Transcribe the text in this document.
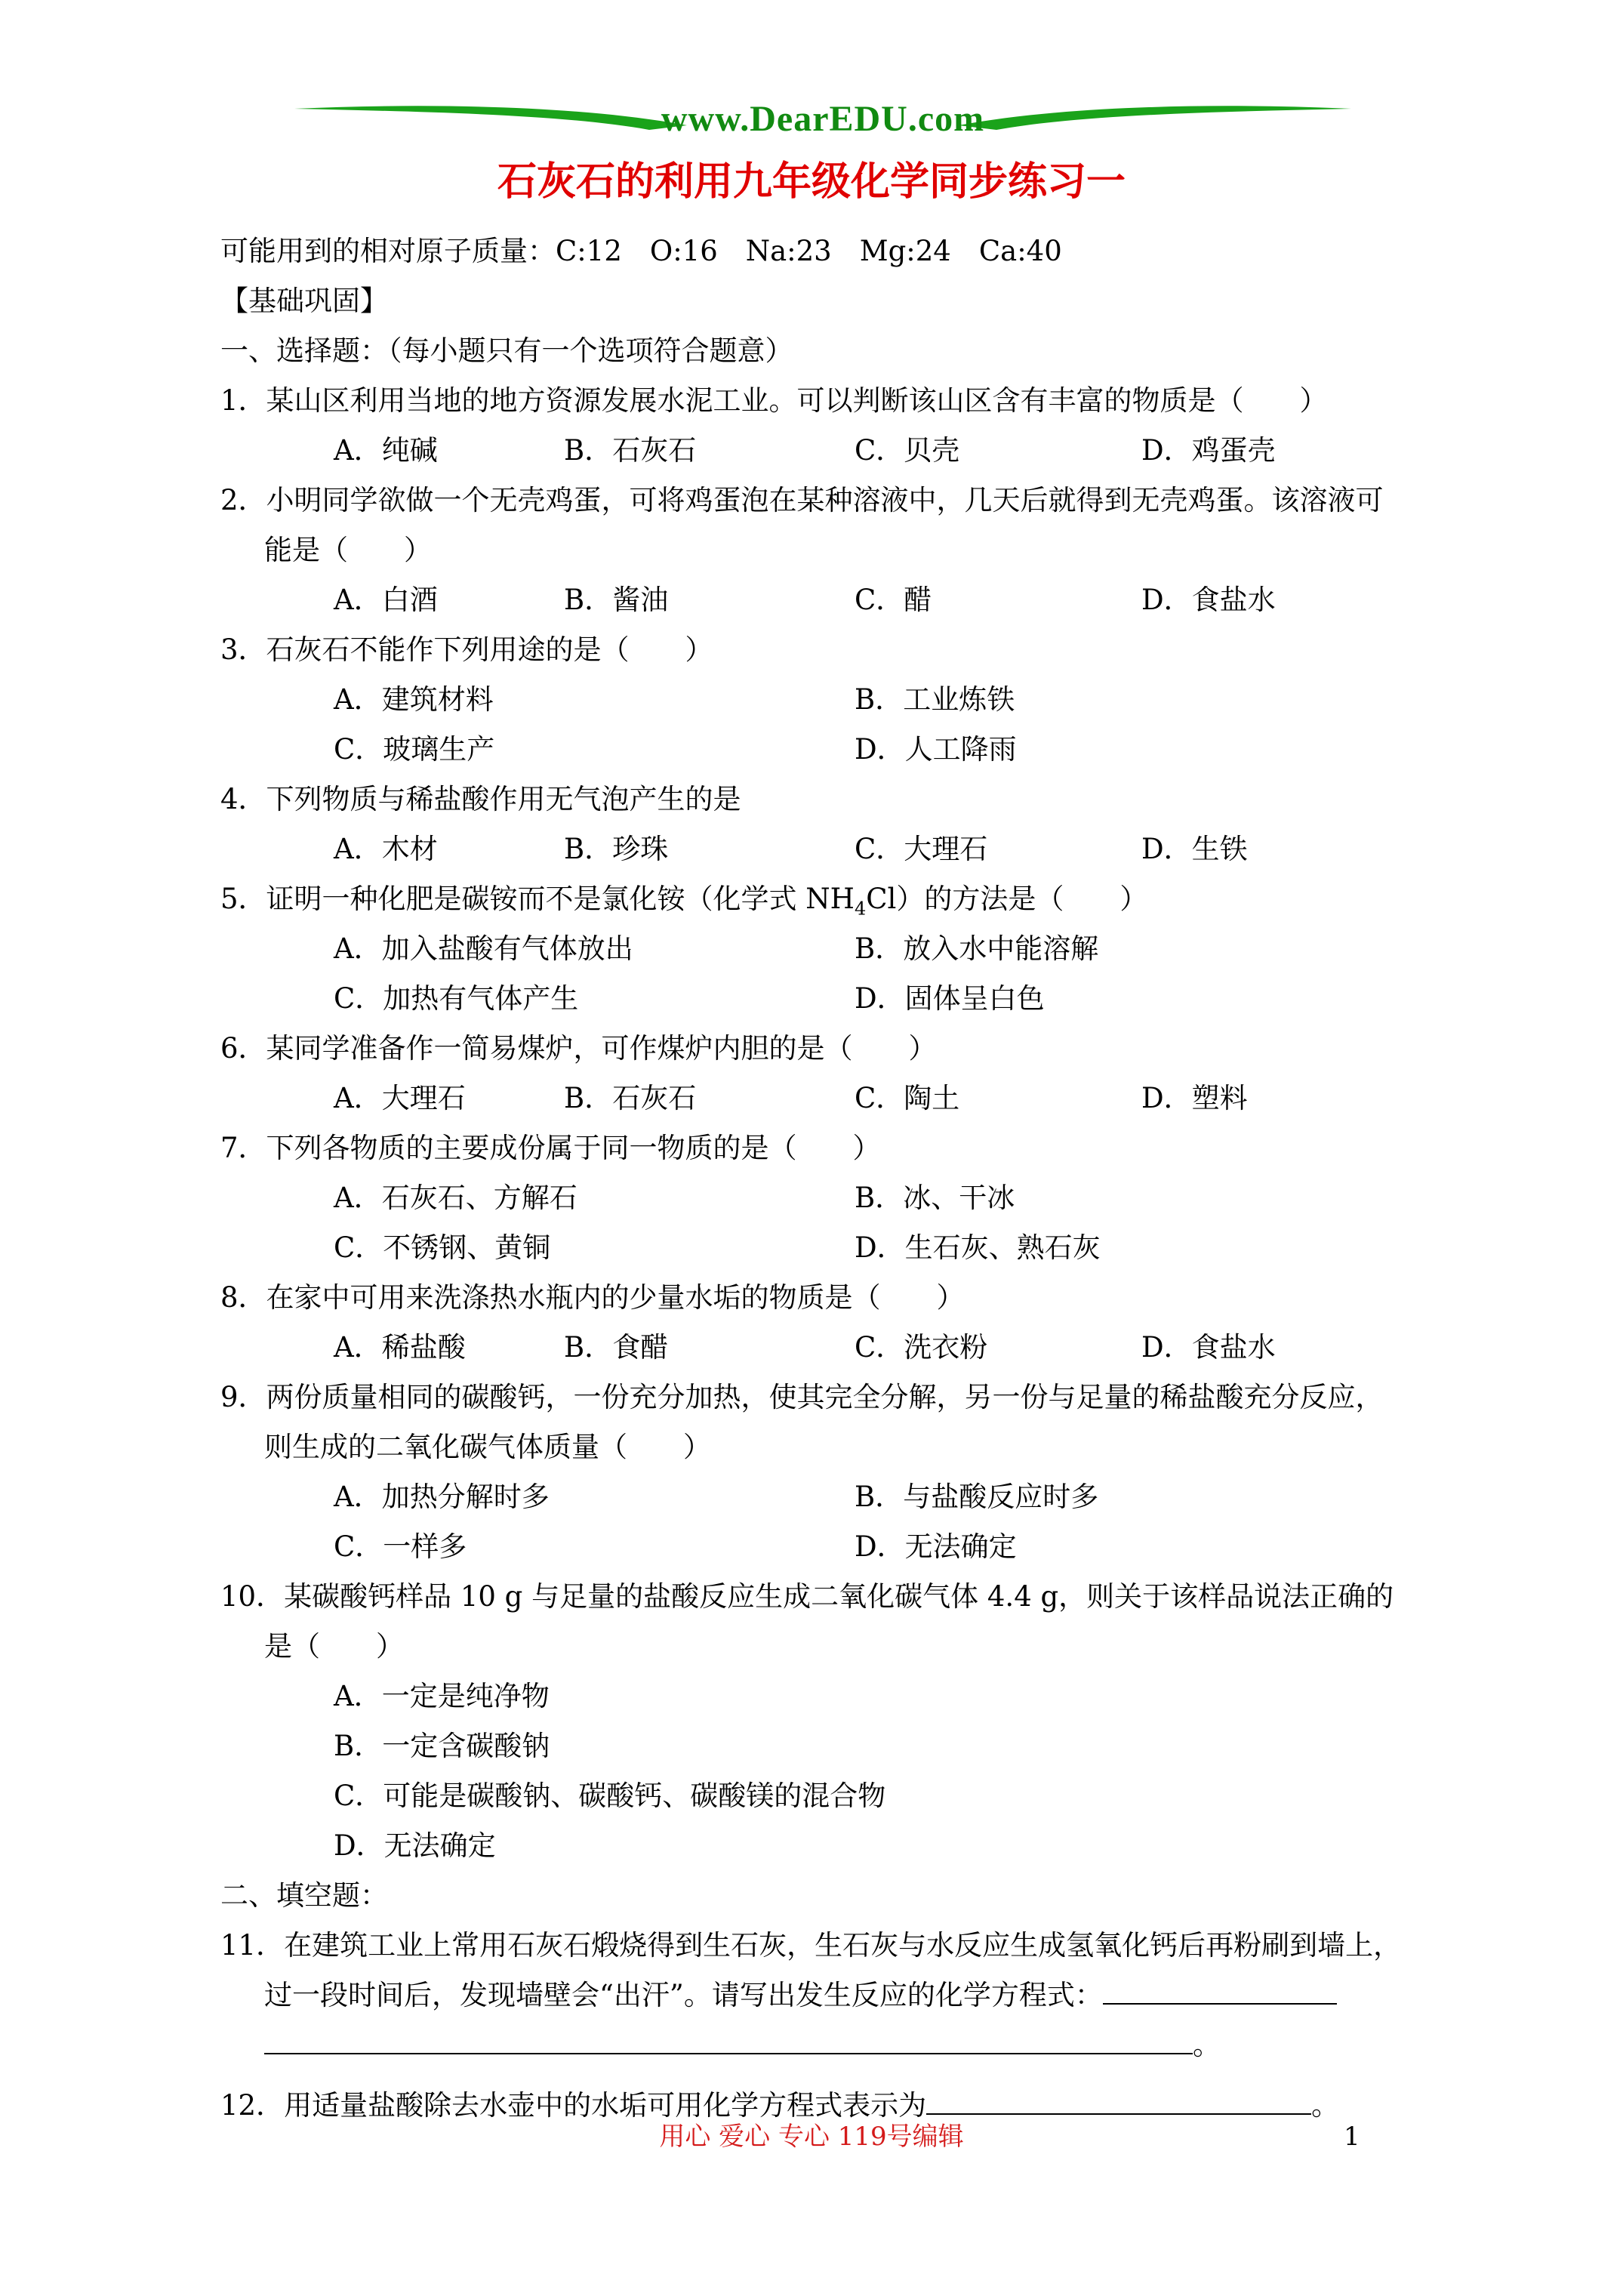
www.DearEDU.com
石灰石的利用九年级化学同步练习一
可能用到的相对原子质量：C:12　O:16　Na:23　Mg:24　Ca:40
【基础巩固】
一、选择题：（每小题只有一个选项符合题意）
1．某山区利用当地的地方资源发展水泥工业。可以判断该山区含有丰富的物质是（　　）
A．纯碱	B．石灰石	C．贝壳	D．鸡蛋壳
2．小明同学欲做一个无壳鸡蛋，可将鸡蛋泡在某种溶液中，几天后就得到无壳鸡蛋。该溶液可
能是（　　）
A．白酒	B．酱油	C．醋	D．食盐水
3．石灰石不能作下列用途的是（　　）
A．建筑材料	B．工业炼铁
C．玻璃生产	D．人工降雨
4．下列物质与稀盐酸作用无气泡产生的是
A．木材	B．珍珠	C．大理石	D．生铁
5．证明一种化肥是碳铵而不是氯化铵（化学式 $NH_4Cl$）的方法是（　　）
A．加入盐酸有气体放出	B．放入水中能溶解
C．加热有气体产生	D．固体呈白色
6．某同学准备作一简易煤炉，可作煤炉内胆的是（　　）
A．大理石	B．石灰石	C．陶土	D．塑料
7．下列各物质的主要成份属于同一物质的是（　　）
A．石灰石、方解石	B．冰、干冰
C．不锈钢、黄铜	D．生石灰、熟石灰
8．在家中可用来洗涤热水瓶内的少量水垢的物质是（　　）
A．稀盐酸	B．食醋	C．洗衣粉	D．食盐水
9．两份质量相同的碳酸钙，一份充分加热，使其完全分解，另一份与足量的稀盐酸充分反应，
则生成的二氧化碳气体质量（　　）
A．加热分解时多	B．与盐酸反应时多
C．一样多	D．无法确定
10．某碳酸钙样品 10 g 与足量的盐酸反应生成二氧化碳气体 4.4 g，则关于该样品说法正确的
是（　　）
A．一定是纯净物
B．一定含碳酸钠
C．可能是碳酸钠、碳酸钙、碳酸镁的混合物
D．无法确定
二、填空题：
11．在建筑工业上常用石灰石煅烧得到生石灰，生石灰与水反应生成氢氧化钙后再粉刷到墙上，
过一段时间后，发现墙壁会“出汗”。请写出发生反应的化学方程式：
。
12．用适量盐酸除去水壶中的水垢可用化学方程式表示为	。
用心 爱心 专心 119号编辑	1
